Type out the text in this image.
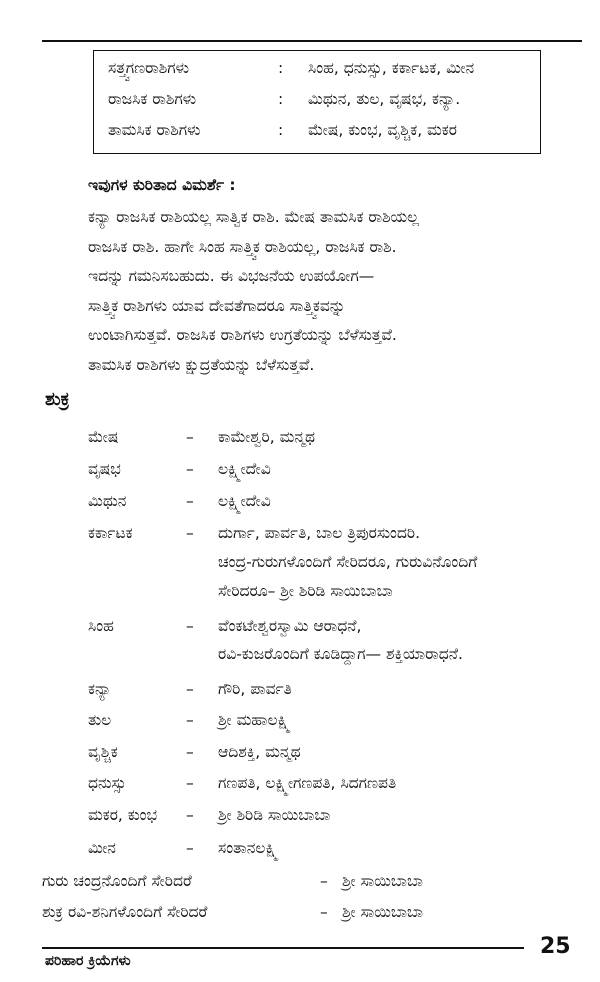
ಸತ್ತ್ವಗಣರಾಶಿಗಳು	: ಸಿಂಹ, ಧನುಸ್ಸು, ಕರ್ಕಾಟಕ, ಮೀನ
ರಾಜಸಿಕ ರಾಶಿಗಳು	: ಮಿಥುನ, ತುಲ, ವೃಷಭ, ಕನ್ಯಾ.
ತಾಮಸಿಕ ರಾಶಿಗಳು	: ಮೇಷ, ಕುಂಭ, ವೃಶ್ಚಿಕ, ಮಕರ
ಇವುಗಳ ಕುರಿತಾದ ವಿಮರ್ಶೆ :
ಕನ್ಯಾ ರಾಜಸಿಕ ರಾಶಿಯಲ್ಲ ಸಾತ್ವಿಕ ರಾಶಿ. ಮೇಷ ತಾಮಸಿಕ ರಾಶಿಯಲ್ಲ
ರಾಜಸಿಕ ರಾಶಿ. ಹಾಗೇ ಸಿಂಹ ಸಾತ್ತ್ವಿಕ ರಾಶಿಯಲ್ಲ, ರಾಜಸಿಕ ರಾಶಿ.
ಇದನ್ನು ಗಮನಿಸಬಹುದು. ಈ ವಿಭಜನೆಯ ಉಪಯೋಗ—
ಸಾತ್ತ್ವಿಕ ರಾಶಿಗಳು ಯಾವ ದೇವತೆಗಾದರೂ ಸಾತ್ತ್ವಿಕವನ್ನು
ಉಂಟಾಗಿಸುತ್ತವೆ. ರಾಜಸಿಕ ರಾಶಿಗಳು ಉಗ್ರತೆಯನ್ನು ಬೆಳೆಸುತ್ತವೆ.
ತಾಮಸಿಕ ರಾಶಿಗಳು ಕ್ಷುದ್ರತೆಯನ್ನು ಬೆಳೆಸುತ್ತವೆ.
ಶುಕ್ರ
ಮೇಷ	– ಕಾಮೇಶ್ವರಿ, ಮನ್ಮಥ
ವೃಷಭ	– ಲಕ್ಷ್ಮೀದೇವಿ
ಮಿಥುನ	– ಲಕ್ಷ್ಮೀದೇವಿ
ಕರ್ಕಾಟಕ	– ದುರ್ಗಾ, ಪಾರ್ವತಿ, ಬಾಲ ತ್ರಿಪುರಸುಂದರಿ.
ಚಂದ್ರ-ಗುರುಗಳೊಂದಿಗೆ ಸೇರಿದರೂ, ಗುರುವಿನೊಂದಿಗೆ
ಸೇರಿದರೂ– ಶ್ರೀ ಶಿರಿಡಿ ಸಾಯಿಬಾಬಾ
ಸಿಂಹ	– ವೆಂಕಟೇಶ್ವರಸ್ವಾಮಿ ಆರಾಧನೆ,
ರವಿ-ಕುಜರೊಂದಿಗೆ ಕೂಡಿದ್ದಾಗ— ಶಕ್ತಿಯಾರಾಧನೆ.
ಕನ್ಯಾ	– ಗೌರಿ, ಪಾರ್ವತಿ
ತುಲ	– ಶ್ರೀ ಮಹಾಲಕ್ಷ್ಮಿ
ವೃಶ್ಚಿಕ	– ಆದಿಶಕ್ತಿ, ಮನ್ಮಥ
ಧನುಸ್ಸು	– ಗಣಪತಿ, ಲಕ್ಷ್ಮೀಗಣಪತಿ, ಸಿದಗಣಪತಿ
ಮಕರ, ಕುಂಭ – ಶ್ರೀ ಶಿರಿಡಿ ಸಾಯಿಬಾಬಾ
ಮೀನ	– ಸಂತಾನಲಕ್ಷ್ಮಿ
ಗುರು ಚಂದ್ರನೊಂದಿಗೆ ಸೇರಿದರೆ	– ಶ್ರೀ ಸಾಯಿಬಾಬಾ
ಶುಕ್ರ ರವಿ-ಶನಿಗಳೊಂದಿಗೆ ಸೇರಿದರೆ	– ಶ್ರೀ ಸಾಯಿಬಾಬಾ
ಪರಿಹಾರ ಕ್ರಿಯೆಗಳು
25
